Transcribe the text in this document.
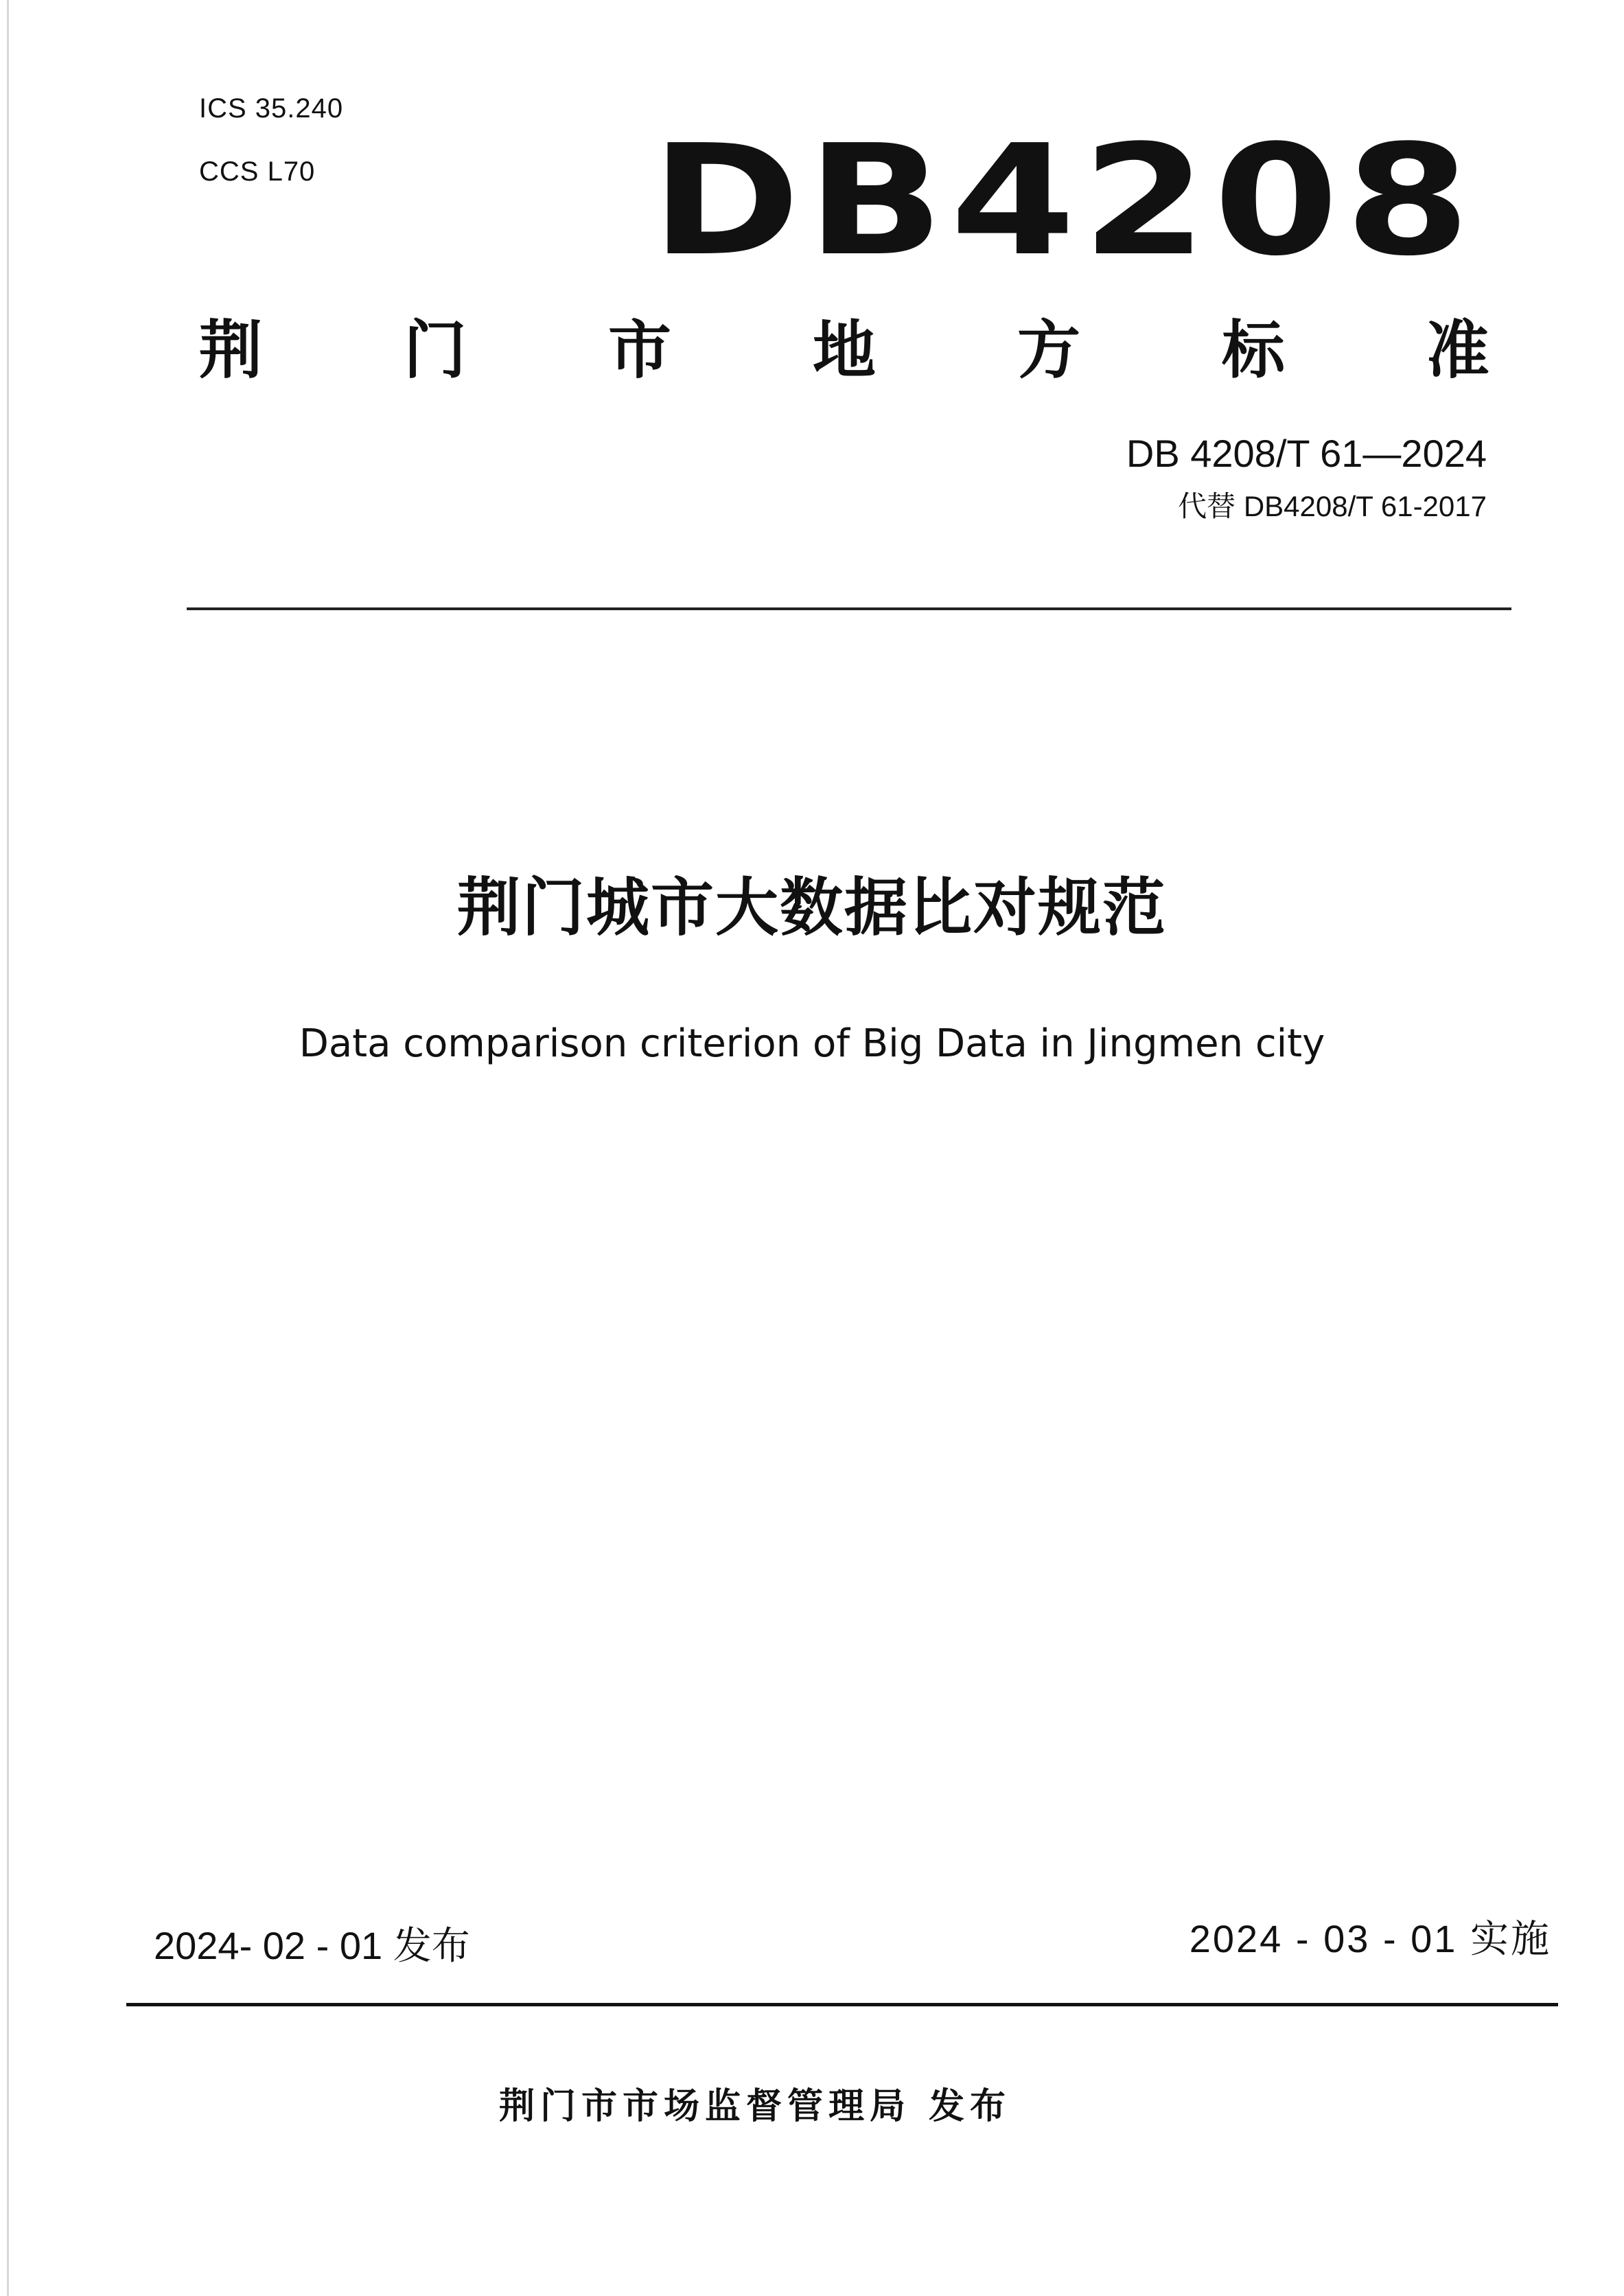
ICS 35.240
CCS L70 DB4208
荆 门 市 地 方 标 准
DB 4208/T 61—2024
代替 DB4208/T 61-2017
荆门城市大数据比对规范
Data comparison criterion of Big Data in Jingmen city
2024- 02 - 01 发布	2024 - 03 - 01 实施
荆门市市场监督管理局 发布
